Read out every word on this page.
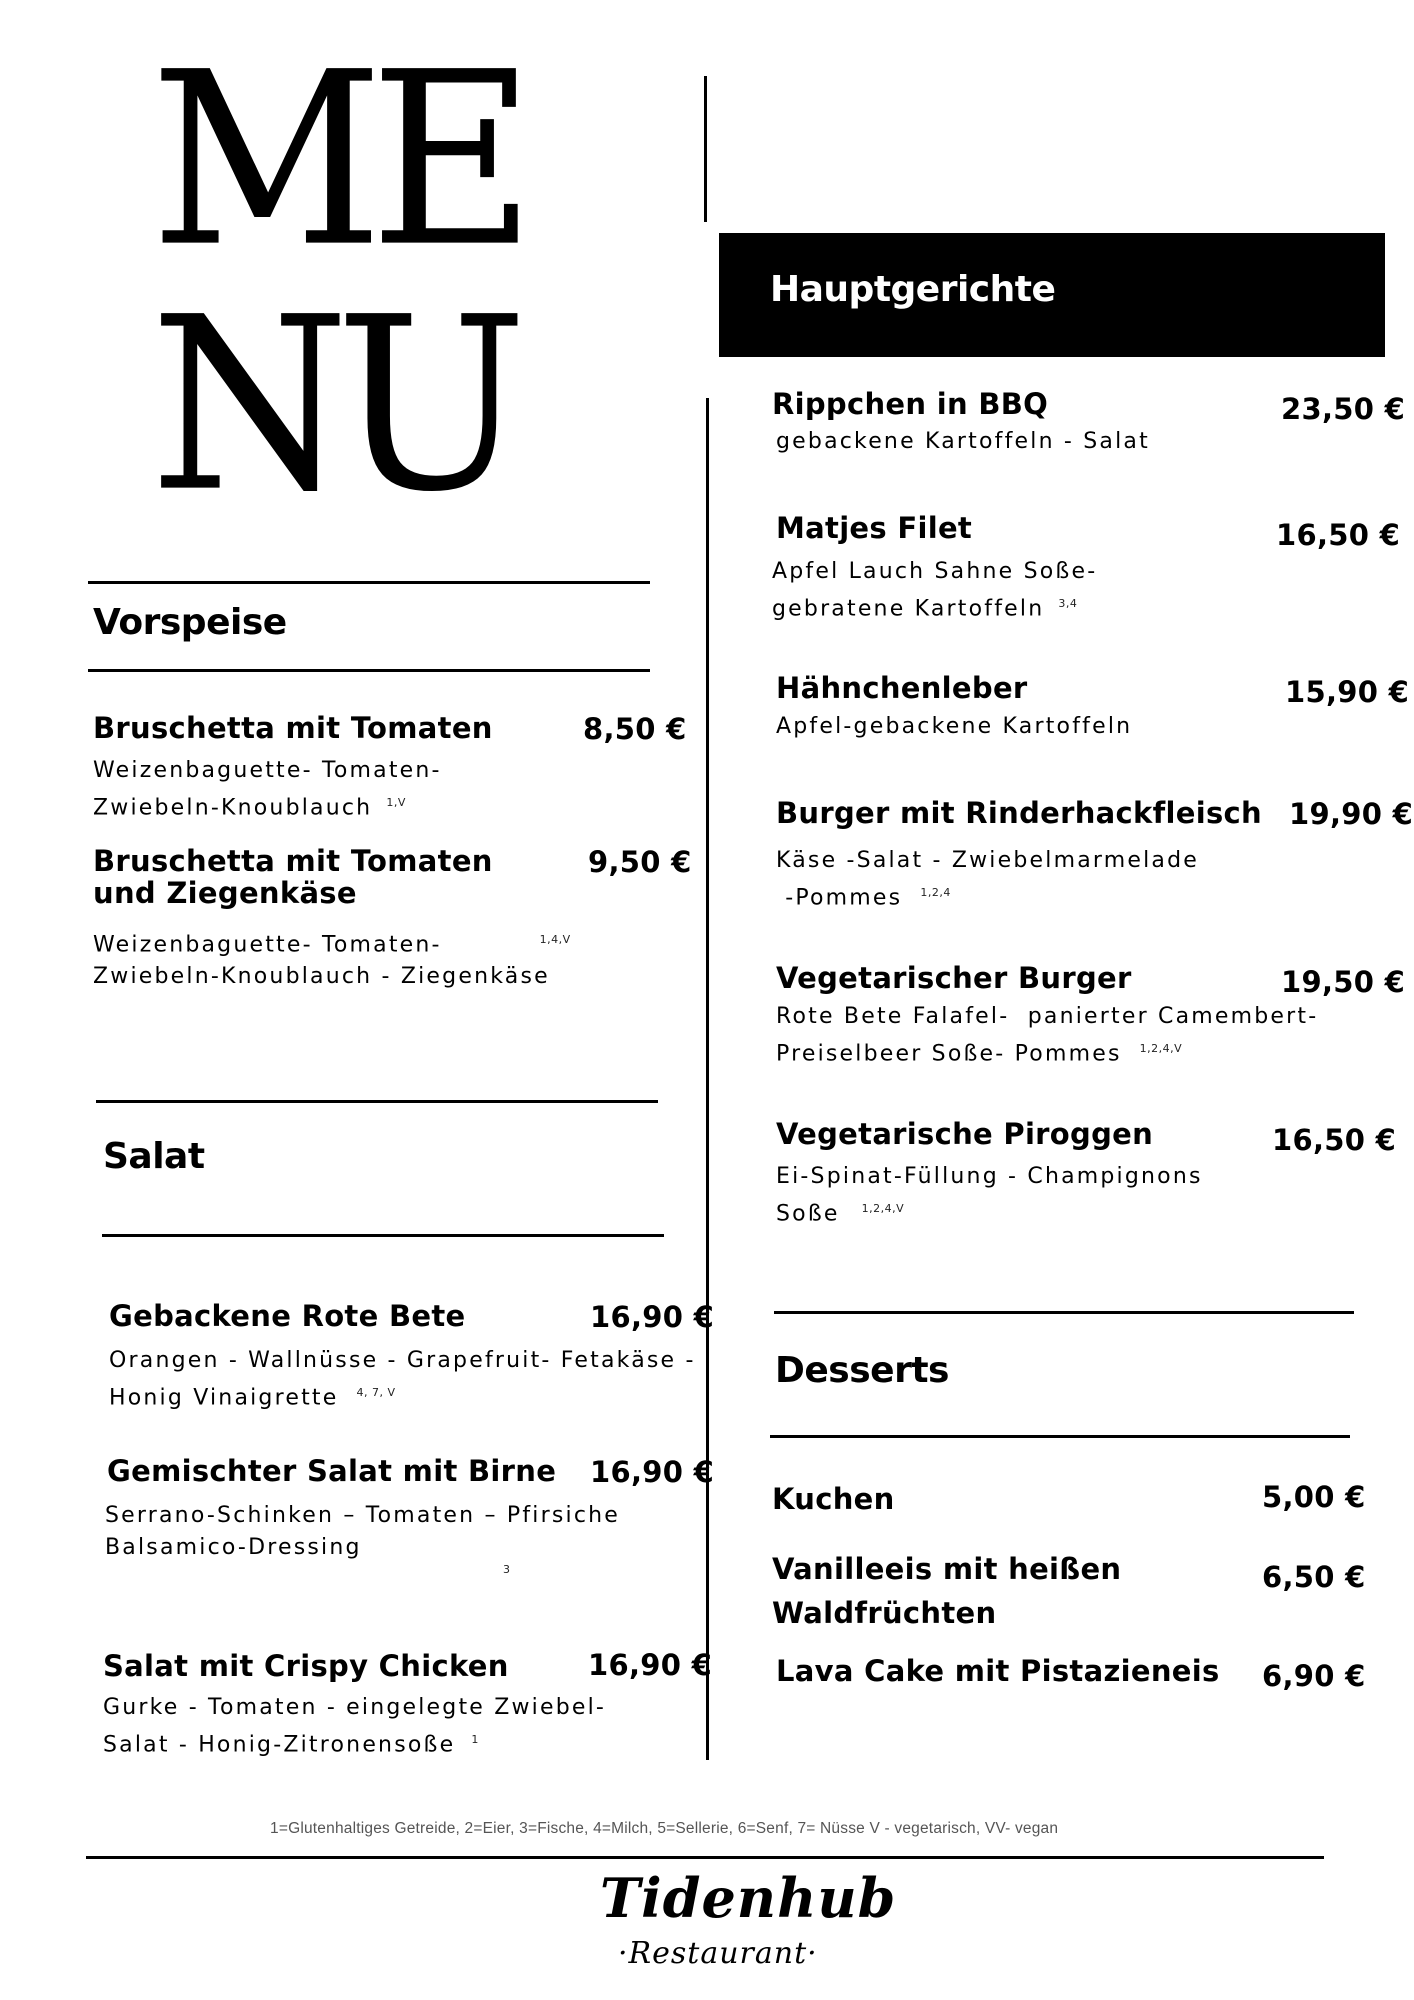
ME
NU
Vorspeise
Bruschetta mit Tomaten	8,50 €
Weizenbaguette- Tomaten-
Zwiebeln-Knoublauch $^{1,V}$
Bruschetta mit Tomaten
und Ziegenkäse
9,50 €
Weizenbaguette- Tomaten-	$^{1,4,V}$
Zwiebeln-Knoublauch - Ziegenkäse
Salat
Gebackene Rote Bete	16,90 €
Orangen - Wallnüsse - Grapefruit- Fetakäse -
Honig Vinaigrette $^{4, 7, V}$
Gemischter Salat mit Birne 16,90 €
Serrano-Schinken – Tomaten – Pfirsiche
Balsamico-Dressing
3
Salat mit Crispy Chicken	16,90 €
Gurke - Tomaten - eingelegte Zwiebel-
Salat - Honig-Zitronensoße $^1$
Hauptgerichte
Rippchen in BBQ	23,50 €
gebackene Kartoffeln - Salat
Matjes Filet	16,50 €
Apfel Lauch Sahne Soße-
gebratene Kartoffeln $^{3,4}$
Hähnchenleber	15,90 €
Apfel-gebackene Kartoffeln
Burger mit Rinderhackfleisch 19,90 €
Käse -Salat - Zwiebelmarmelade
-Pommes $^{1,2,4}$
Vegetarischer Burger	19,50 €
Rote Bete Falafel-  panierter Camembert-
Preiselbeer Soße- Pommes $^{1,2,4,V}$
Vegetarische Piroggen	16,50 €
Ei-Spinat-Füllung - Champignons
Soße $^{1,2,4,V}$
Desserts
Kuchen	5,00 €
Vanilleeis mit heißen
Waldfrüchten
6,50 €
Lava Cake mit Pistazieneis 6,90 €
1=Glutenhaltiges Getreide, 2=Eier, 3=Fische, 4=Milch, 5=Sellerie, 6=Senf, 7= Nüsse V - vegetarisch, VV- vegan
Tidenhub
·Restaurant·
